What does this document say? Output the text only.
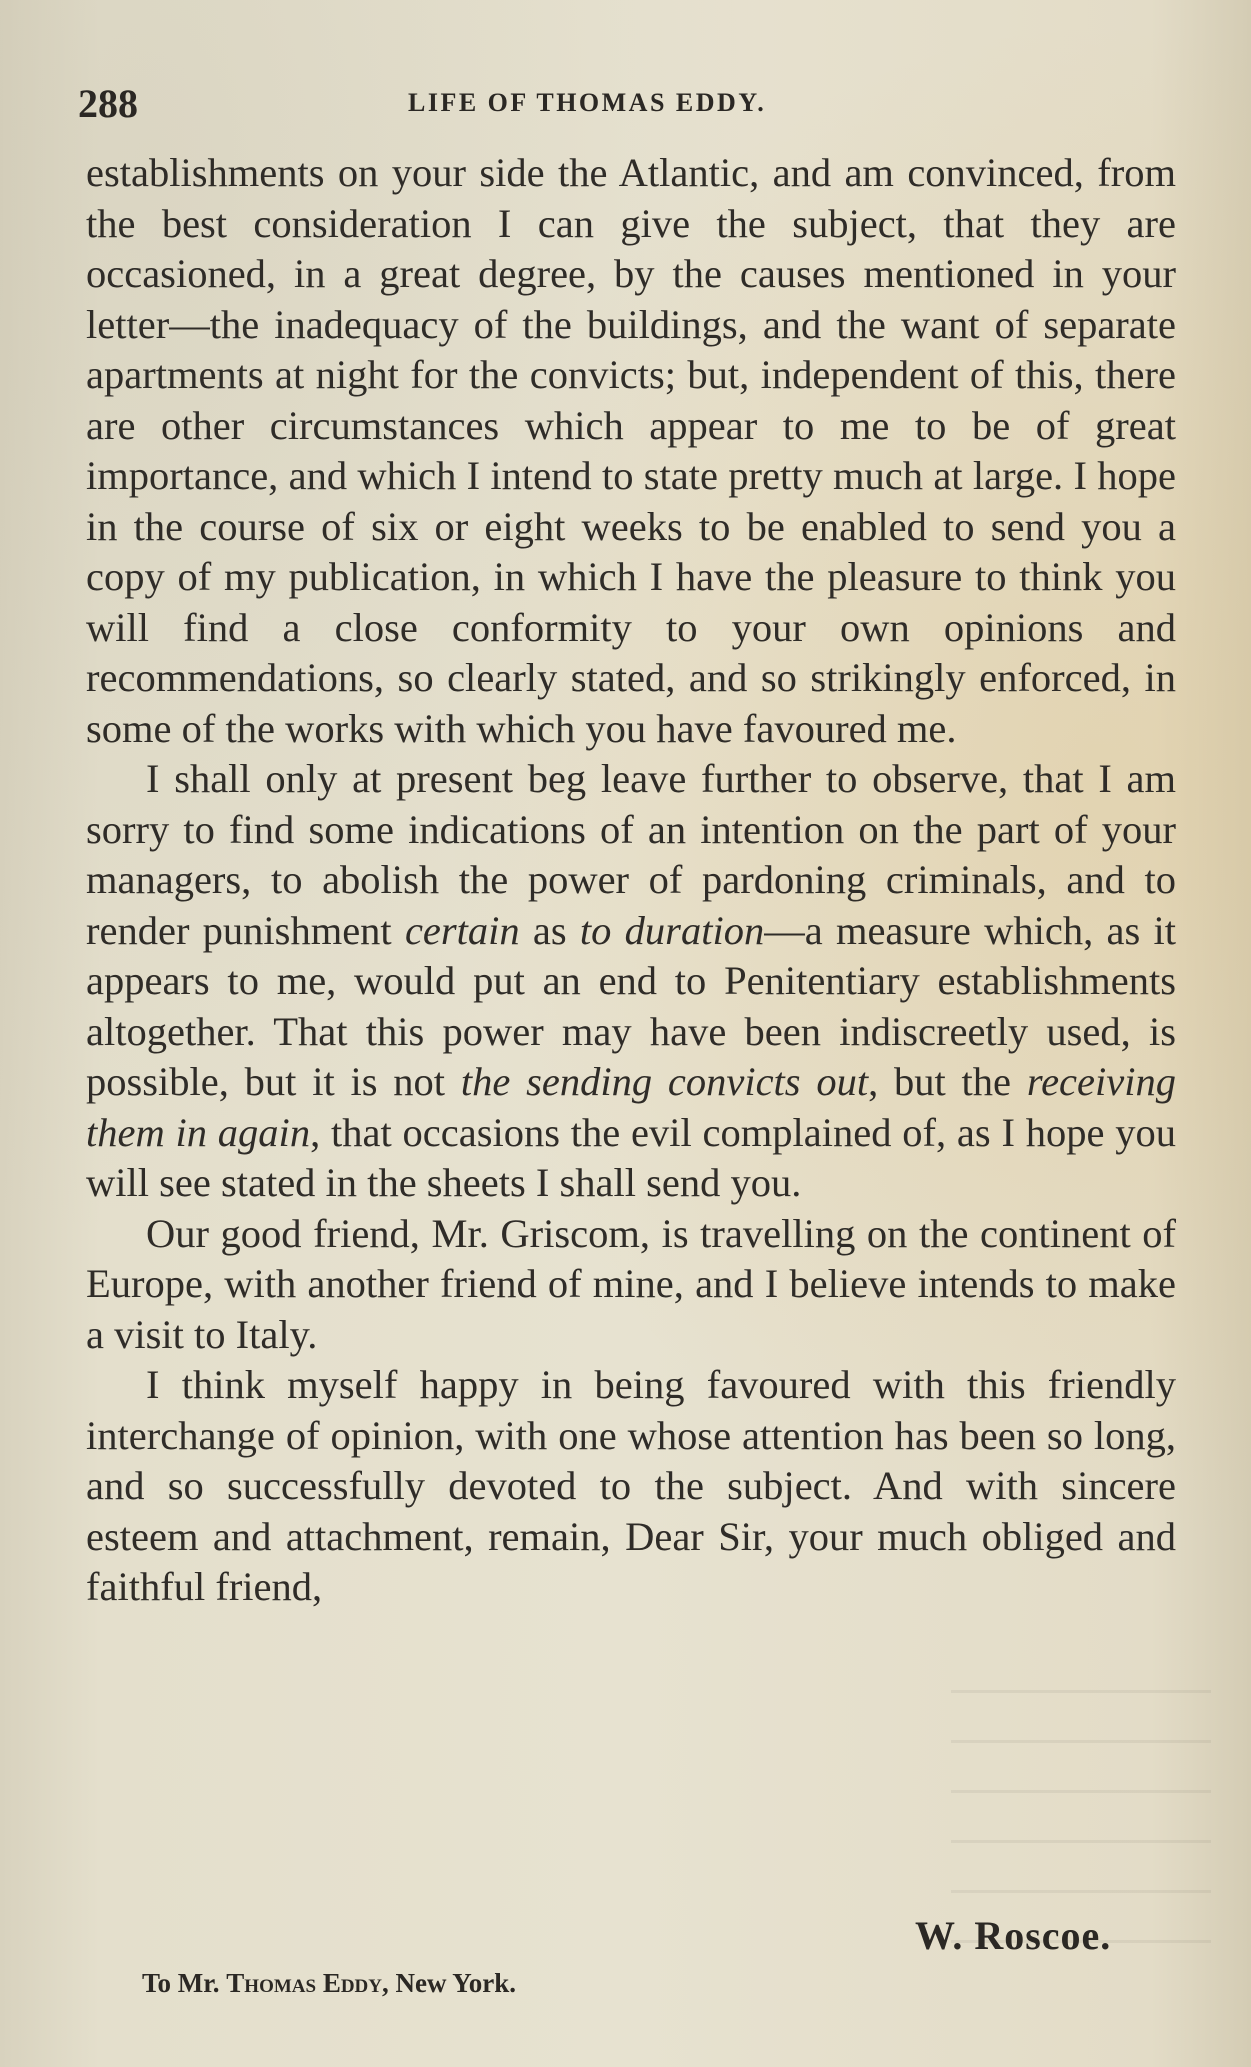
288	LIFE OF THOMAS EDDY.

establishments on your side the Atlantic, and am convinced, from the best consideration I can give the subject, that they are occasioned, in a great degree, by the causes mentioned in your letter—the inadequacy of the buildings, and the want of separate apartments at night for the convicts; but, independent of this, there are other circumstances which appear to me to be of great importance, and which I intend to state pretty much at large. I hope in the course of six or eight weeks to be enabled to send you a copy of my publication, in which I have the pleasure to think you will find a close conformity to your own opinions and recommendations, so clearly stated, and so strikingly enforced, in some of the works with which you have favoured me.

I shall only at present beg leave further to observe, that I am sorry to find some indications of an intention on the part of your managers, to abolish the power of pardoning criminals, and to render punishment certain as to duration—a measure which, as it appears to me, would put an end to Penitentiary establishments altogether. That this power may have been indiscreetly used, is possible, but it is not the sending convicts out, but the receiving them in again, that occasions the evil complained of, as I hope you will see stated in the sheets I shall send you.

Our good friend, Mr. Griscom, is travelling on the continent of Europe, with another friend of mine, and I believe intends to make a visit to Italy.

I think myself happy in being favoured with this friendly interchange of opinion, with one whose attention has been so long, and so successfully devoted to the subject. And with sincere esteem and attachment, remain, Dear Sir, your much obliged and faithful friend,

W. Roscoe.
To Mr. Thomas Eddy, New York.
